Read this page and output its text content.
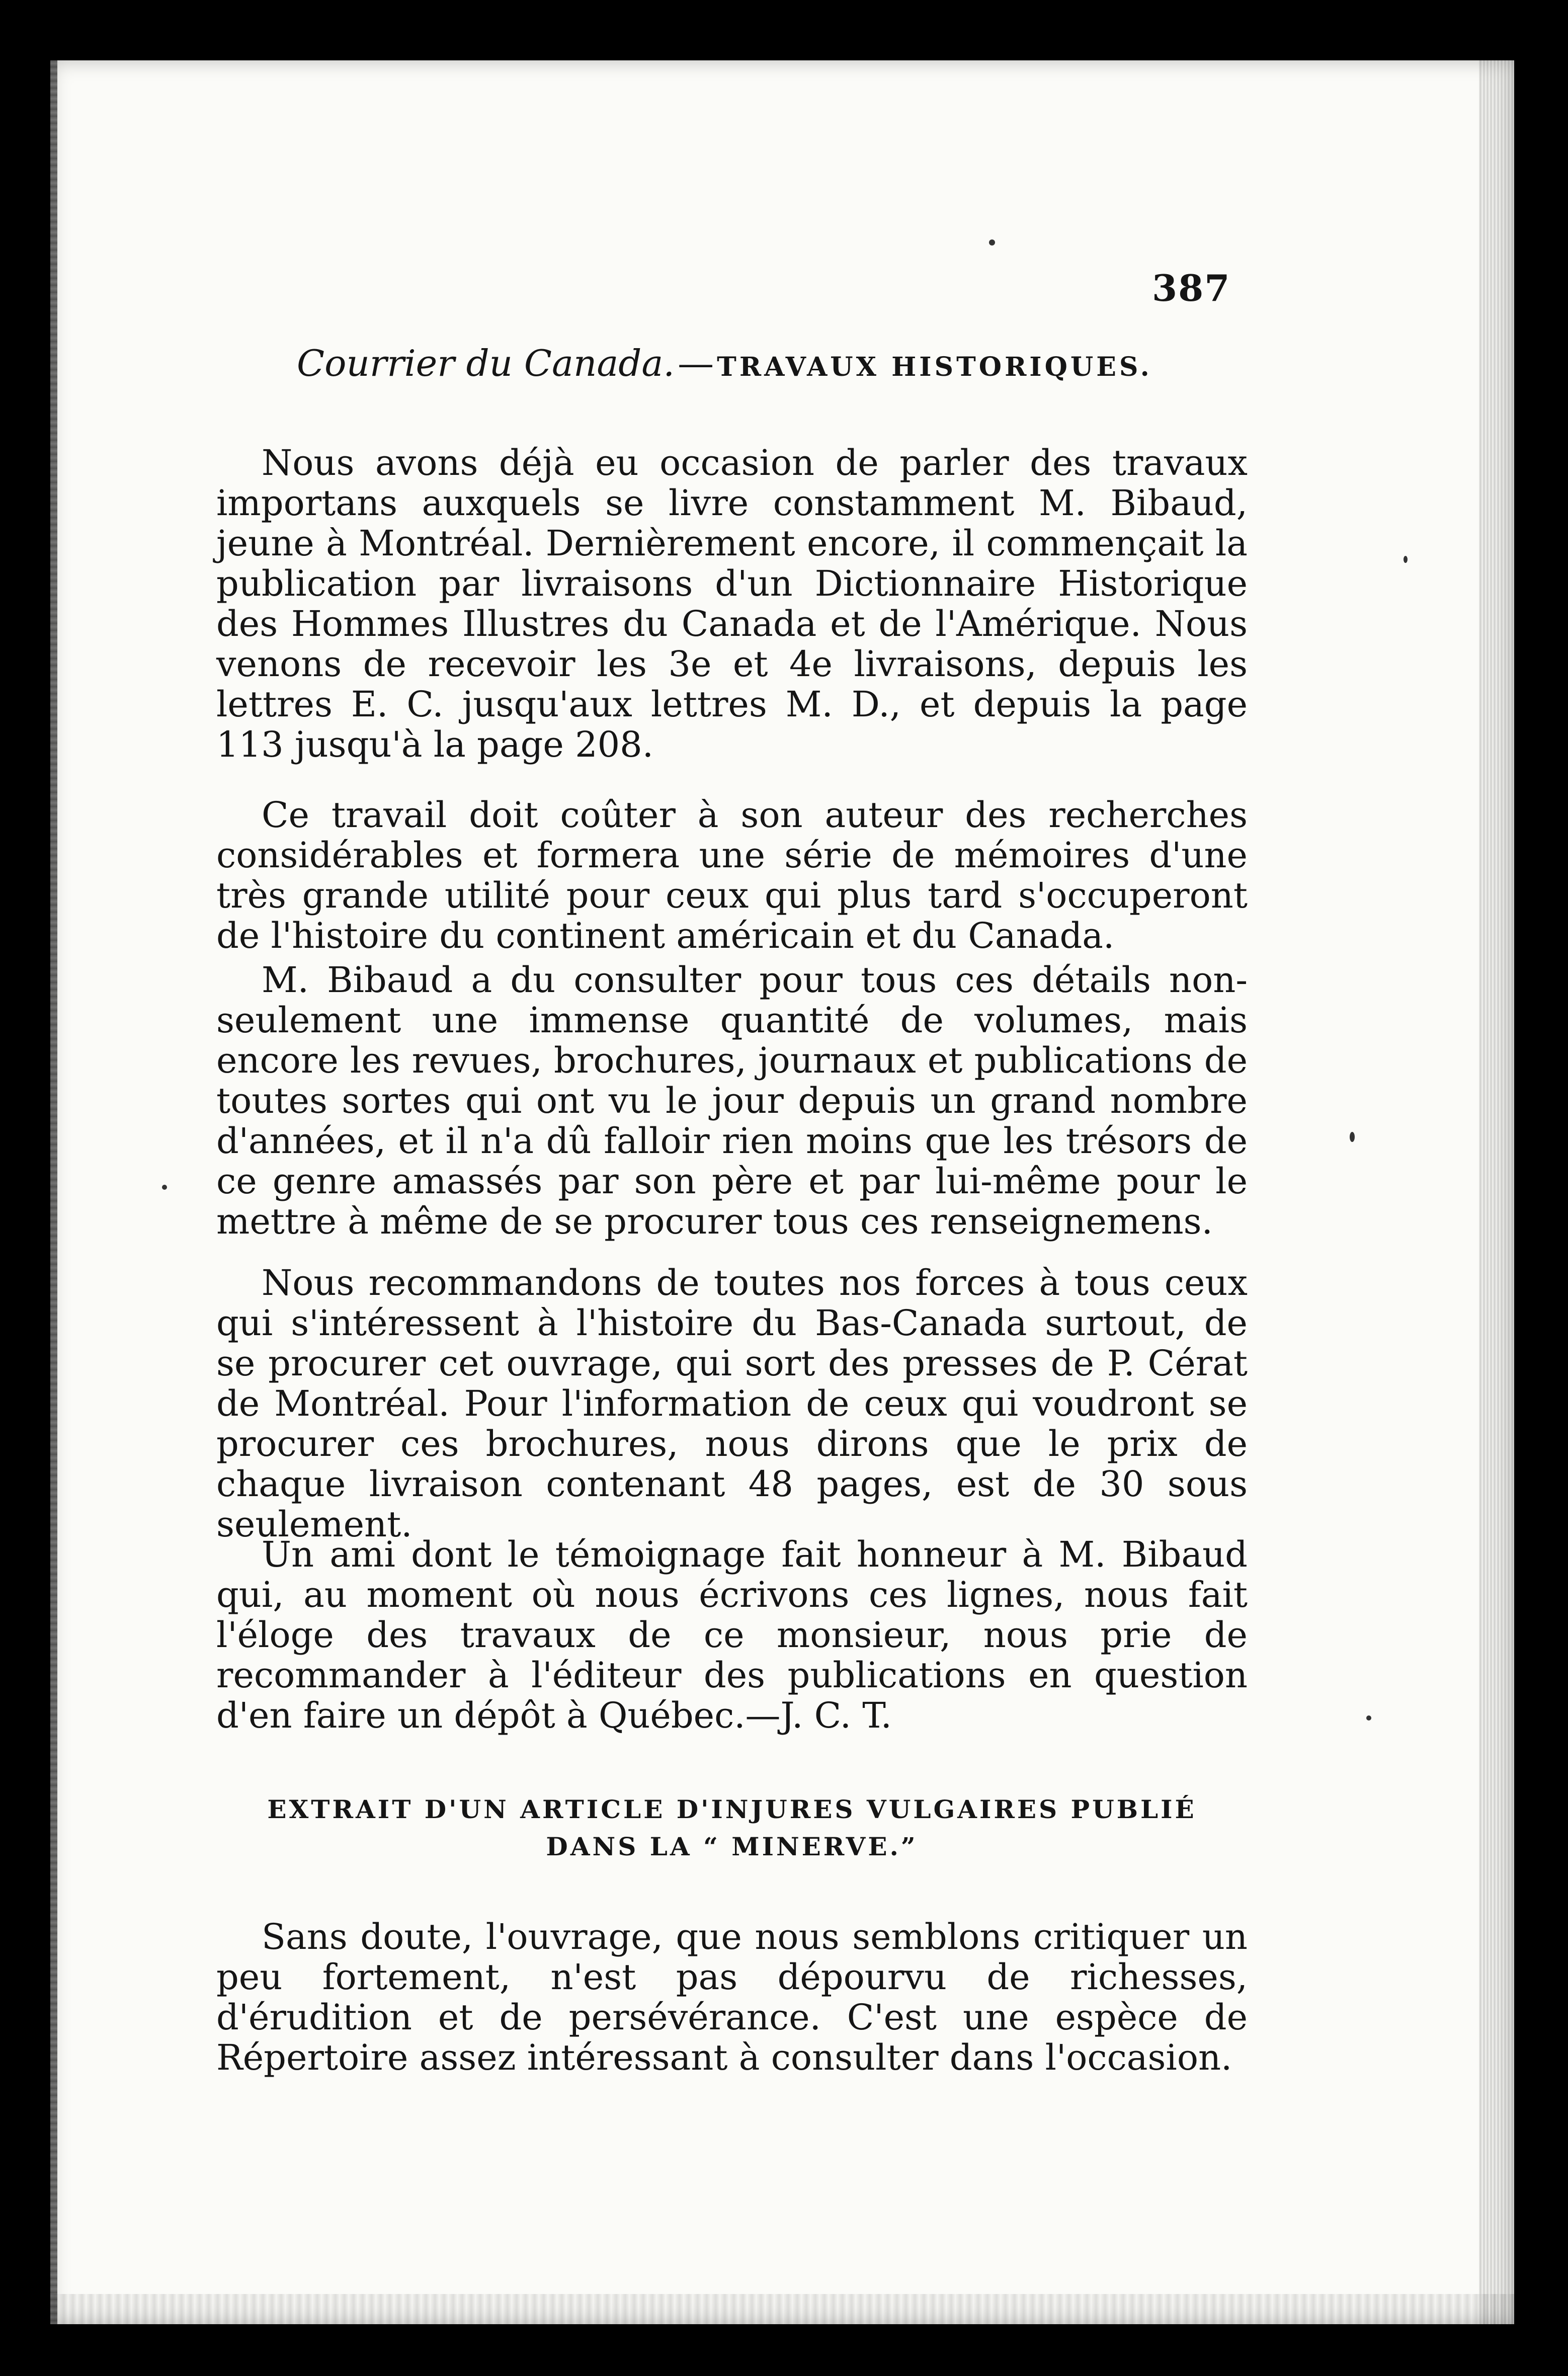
387
Courrier du Canada.— TRAVAUX HISTORIQUES.

Nous avons déjà eu occasion de parler des travaux importans auxquels se livre constamment M. Bibaud, jeune à Montréal. Dernièrement encore, il commençait la publication par livraisons d'un Dictionnaire Historique des Hommes Illustres du Canada et de l'Amérique. Nous venons de recevoir les 3e et 4e livraisons, depuis les lettres E. C. jusqu'aux lettres M. D., et depuis la page 113 jusqu'à la page 208.

Ce travail doit coûter à son auteur des recherches considérables et formera une série de mémoires d'une très grande utilité pour ceux qui plus tard s'occuperont de l'histoire du continent américain et du Canada.

M. Bibaud a du consulter pour tous ces détails non-seulement une immense quantité de volumes, mais encore les revues, brochures, journaux et publications de toutes sortes qui ont vu le jour depuis un grand nombre d'années, et il n'a dû falloir rien moins que les trésors de ce genre amassés par son père et par lui-même pour le mettre à même de se procurer tous ces renseignemens.

Nous recommandons de toutes nos forces à tous ceux qui s'intéressent à l'histoire du Bas-Canada surtout, de se procurer cet ouvrage, qui sort des presses de P. Cérat de Montréal. Pour l'information de ceux qui voudront se procurer ces brochures, nous dirons que le prix de chaque livraison contenant 48 pages, est de 30 sous seulement.

Un ami dont le témoignage fait honneur à M. Bibaud qui, au moment où nous écrivons ces lignes, nous fait l'éloge des travaux de ce monsieur, nous prie de recommander à l'éditeur des publications en question d'en faire un dépôt à Québec.—J. C. T.

EXTRAIT D'UN ARTICLE D'INJURES VULGAIRES PUBLIÉ
DANS LA “ MINERVE.”

Sans doute, l'ouvrage, que nous semblons critiquer un peu fortement, n'est pas dépourvu de richesses, d'érudition et de persévérance. C'est une espèce de Répertoire assez intéressant à consulter dans l'occasion.
